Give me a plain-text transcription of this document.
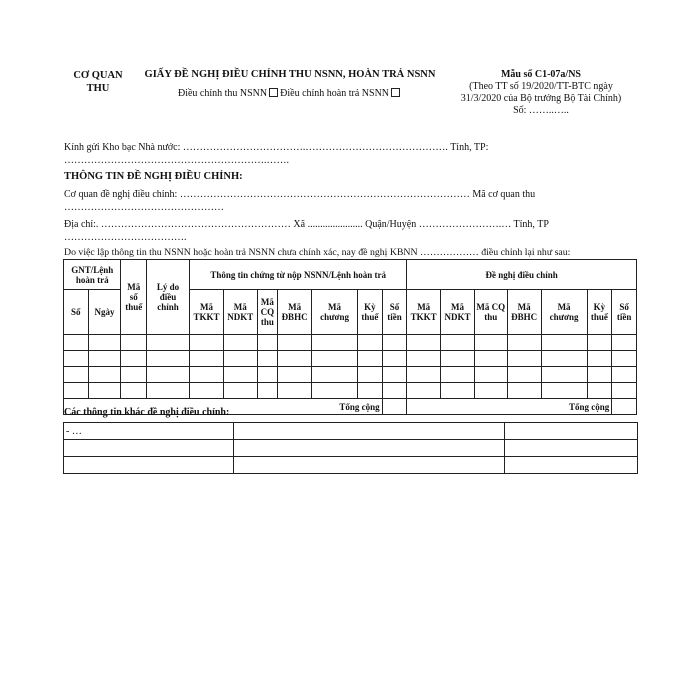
CƠ QUAN
THU
GIẤY ĐỀ NGHỊ ĐIỀU CHỈNH THU NSNN, HOÀN TRẢ NSNN
Điều chỉnh thu NSNN Điều chỉnh hoàn trả NSNN
Mẫu số C1-07a/NS
(Theo TT số 19/2020/TT-BTC ngày
31/3/2020 của Bộ trưởng Bộ Tài Chính)
Số: ……..…..
Kính gửi Kho bạc Nhà nước: ……………………………….……………………………………. Tỉnh, TP:
…………………………………………………….…….
THÔNG TIN ĐỀ NGHỊ ĐIỀU CHỈNH:
Cơ quan đề nghị điều chỉnh: …………………………………………………………………………… Mã cơ quan thu
…………………………………………
Địa chỉ:. ………………………………………………… Xã ...................... Quận/Huyện …………………….… Tỉnh, TP
……………………………….
Do việc lập thông tin thu NSNN hoặc hoàn trả NSNN chưa chính xác, nay đề nghị KBNN ……………… điều chỉnh lại như sau:
GNT/Lệnh hoàn trả		Mã số thuế	Lý do điều chỉnh	Thông tin chứng từ nộp NSNN/Lệnh hoàn trả							Đề nghị điều chỉnh						
Số	Ngày			Mã TKKT	Mã NDKT	Mã CQ thu	Mã ĐBHC	Mã chương	Kỳ thuế	Số tiền	Mã TKKT	Mã NDKT	Mã CQ thu	Mã ĐBHC	Mã chương	Kỳ thuế	Số tiền

Tổng cộng											Tổng cộng						
Các thông tin khác đề nghị điều chỉnh:
- …		
